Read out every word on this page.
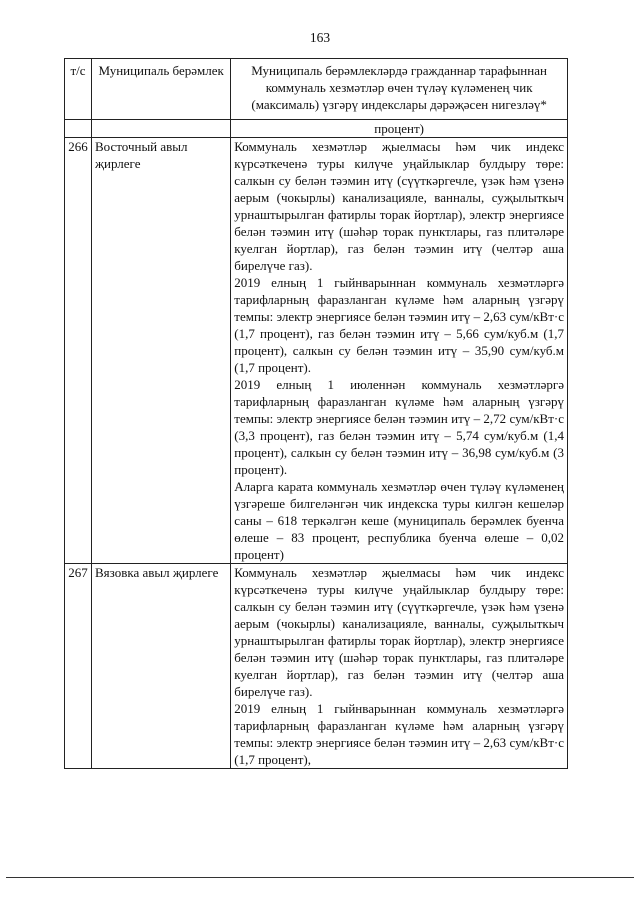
163
т/с	Муниципаль берәмлек	Муниципаль берәмлекләрдә гражданнар тарафыннан коммуналь хезмәтләр өчен түләү күләменең чик (максималь) үзгәрү индекслары дәрәҗәсен нигезләү*
		процент)
266	Восточный авыл җирлеге	Коммуналь хезмәтләр җыелмасы һәм чик индекс күрсәткеченә туры килүче уңайлыклар булдыру төре: салкын су белән тәэмин итү (сүүткәргечле, үзәк һәм үзенә аерым (чокырлы) канализацияле, ванналы, суҗылыткыч урнаштырылган фатирлы торак йортлар), электр энергиясе белән тәэмин итү (шәһәр торак пунктлары, газ плитәләре куелган йортлар), газ белән тәэмин итү (челтәр аша бирелүче газ).

2019 елның 1 гыйнварыннан коммуналь хезмәтләргә тарифларның фаразланган күләме һәм аларның үзгәрү темпы: электр энергиясе белән тәэмин итү – 2,63 сум/кВт·с (1,7 процент), газ белән тәэмин итү – 5,66 сум/куб.м (1,7 процент), салкын су белән тәэмин итү – 35,90 сум/куб.м (1,7 процент).

2019 елның 1 июленнән коммуналь хезмәтләргә тарифларның фаразланган күләме һәм аларның үзгәрү темпы: электр энергиясе белән тәэмин итү – 2,72 сум/кВт·с (3,3 процент), газ белән тәэмин итү – 5,74 сум/куб.м (1,4 процент), салкын су белән тәэмин итү – 36,98 сум/куб.м (3 процент).

Аларга карата коммуналь хезмәтләр өчен түләү күләменең үзгәреше билгеләнгән чик индекска туры килгән кешеләр саны – 618 теркәлгән кеше (муниципаль берәмлек буенча өлеше – 83 процент, республика буенча өлеше – 0,02 процент)

267	Вязовка авыл җирлеге	Коммуналь хезмәтләр җыелмасы һәм чик индекс күрсәткеченә туры килүче уңайлыклар булдыру төре: салкын су белән тәэмин итү (сүүткәргечле, үзәк һәм үзенә аерым (чокырлы) канализацияле, ванналы, суҗылыткыч урнаштырылган фатирлы торак йортлар), электр энергиясе белән тәэмин итү (шәһәр торак пунктлары, газ плитәләре куелган йортлар), газ белән тәэмин итү (челтәр аша бирелүче газ).

2019 елның 1 гыйнварыннан коммуналь хезмәтләргә тарифларның фаразланган күләме һәм аларның үзгәрү темпы: электр энергиясе белән тәэмин итү – 2,63 сум/кВт·с (1,7 процент),
